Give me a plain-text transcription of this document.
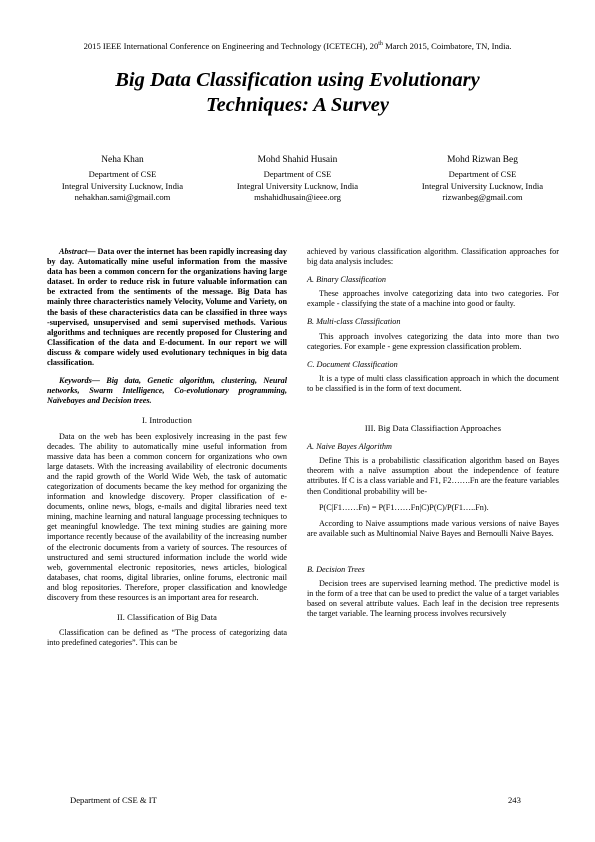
2015 IEEE International Conference on Engineering and Technology (ICETECH), 20th March 2015, Coimbatore, TN, India.
Big Data Classification using Evolutionary
Techniques: A Survey
Neha Khan
Department of CSE
Integral University Lucknow, India
nehakhan.sami@gmail.com
Mohd Shahid Husain
Department of CSE
Integral University Lucknow, India
mshahidhusain@ieee.org
Mohd Rizwan Beg
Department of CSE
Integral University Lucknow, India
rizwanbeg@gmail.com

Abstract— Data over the internet has been rapidly increasing day by day. Automatically mine useful information from the massive data has been a common concern for the organizations having large dataset. In order to reduce risk in future valuable information can be extracted from the sentiments of the message. Big Data has mainly three characteristics namely Velocity, Volume and Variety, on the basis of these characteristics data can be classified in three ways -supervised, unsupervised and semi supervised methods. Various algorithms and techniques are recently proposed for Clustering and Classification of the data and E-document. In our report we will discuss & compare widely used evolutionary techniques in big data classification.

Keywords— Big data, Genetic algorithm, clustering, Neural networks, Swarm Intelligence, Co-evolutionary programming, Naïvebayes and Decision trees.

I. Introduction

Data on the web has been explosively increasing in the past few decades. The ability to automatically mine useful information from massive data has been a common concern for organizations who own large datasets. With the increasing availability of electronic documents and the rapid growth of the World Wide Web, the task of automatic categorization of documents became the key method for organizing the information and knowledge discovery. Proper classification of e-documents, online news, blogs, e-mails and digital libraries need text mining, machine learning and natural language processing techniques to get meaningful knowledge. The text mining studies are gaining more importance recently because of the availability of the increasing number of the electronic documents from a variety of sources. The resources of unstructured and semi structured information include the world wide web, governmental electronic repositories, news articles, biological databases, chat rooms, digital libraries, online forums, electronic mail and blog repositories. Therefore, proper classification and knowledge discovery from these resources is an important area for research.

II. Classification of Big Data

Classification can be defined as “The process of categorizing data into predefined categories”. This can be

achieved by various classification algorithm. Classification approaches for big data analysis includes:

A. Binary Classification

These approaches involve categorizing data into two categories. For example - classifying the state of a machine into good or faulty.

B. Multi-class Classification

This approach involves categorizing the data into more than two categories. For example - gene expression classification problem.

C. Document Classification

It is a type of multi class classification approach in which the document to be classified is in the form of text document.

III. Big Data Classifiaction Approaches

A. Naive Bayes Algorithm

Define This is a probabilistic classification algorithm based on Bayes theorem with a naïve assumption about the independence of feature attributes. If C is a class variable and F1, F2…….Fn are the feature variables then Conditional probability will be-

P(C|F1……Fn) = P(F1……Fn|C)P(C)/P(F1…..Fn).

According to Naive assumptions made various versions of naive Bayes are available such as Multinomial Naive Bayes and Bernoulli Naive Bayes.

B. Decision Trees

Decision trees are supervised learning method. The predictive model is in the form of a tree that can be used to predict the value of a target variables based on several attribute values. Each leaf in the decision tree represents the target variable. The learning process involves recursively

Department of CSE & IT	243
